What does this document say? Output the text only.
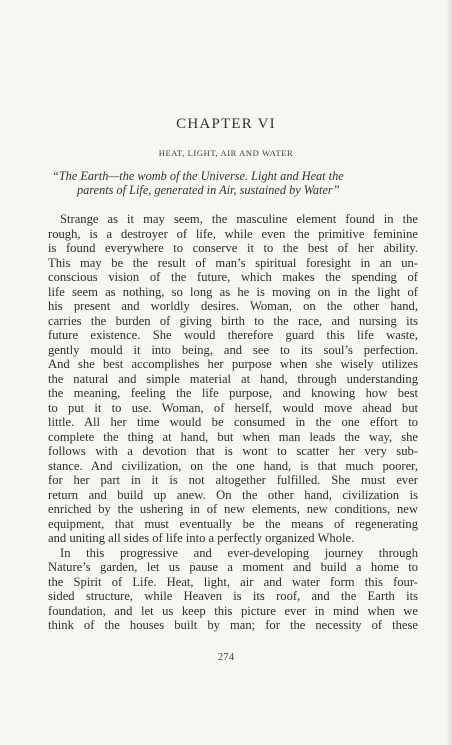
CHAPTER VI
HEAT, LIGHT, AIR AND WATER
“The Earth—the womb of the Universe. Light and Heat the
parents of Life, generated in Air, sustained by Water”
Strange as it may seem, the masculine element found in the
rough, is a destroyer of life, while even the primitive feminine
is found everywhere to conserve it to the best of her ability.
This may be the result of man’s spiritual foresight in an un-
conscious vision of the future, which makes the spending of
life seem as nothing, so long as he is moving on in the light of
his present and worldly desires. Woman, on the other hand,
carries the burden of giving birth to the race, and nursing its
future existence. She would therefore guard this life waste,
gently mould it into being, and see to its soul’s perfection.
And she best accomplishes her purpose when she wisely utilizes
the natural and simple material at hand, through understanding
the meaning, feeling the life purpose, and knowing how best
to put it to use. Woman, of herself, would move ahead but
little. All her time would be consumed in the one effort to
complete the thing at hand, but when man leads the way, she
follows with a devotion that is wont to scatter her very sub-
stance. And civilization, on the one hand, is that much poorer,
for her part in it is not altogether fulfilled. She must ever
return and build up anew. On the other hand, civilization is
enriched by the ushering in of new elements, new conditions, new
equipment, that must eventually be the means of regenerating
and uniting all sides of life into a perfectly organized Whole.
In this progressive and ever-developing journey through
Nature’s garden, let us pause a moment and build a home to
the Spirit of Life. Heat, light, air and water form this four-
sided structure, while Heaven is its roof, and the Earth its
foundation, and let us keep this picture ever in mind when we
think of the houses built by man; for the necessity of these
274
